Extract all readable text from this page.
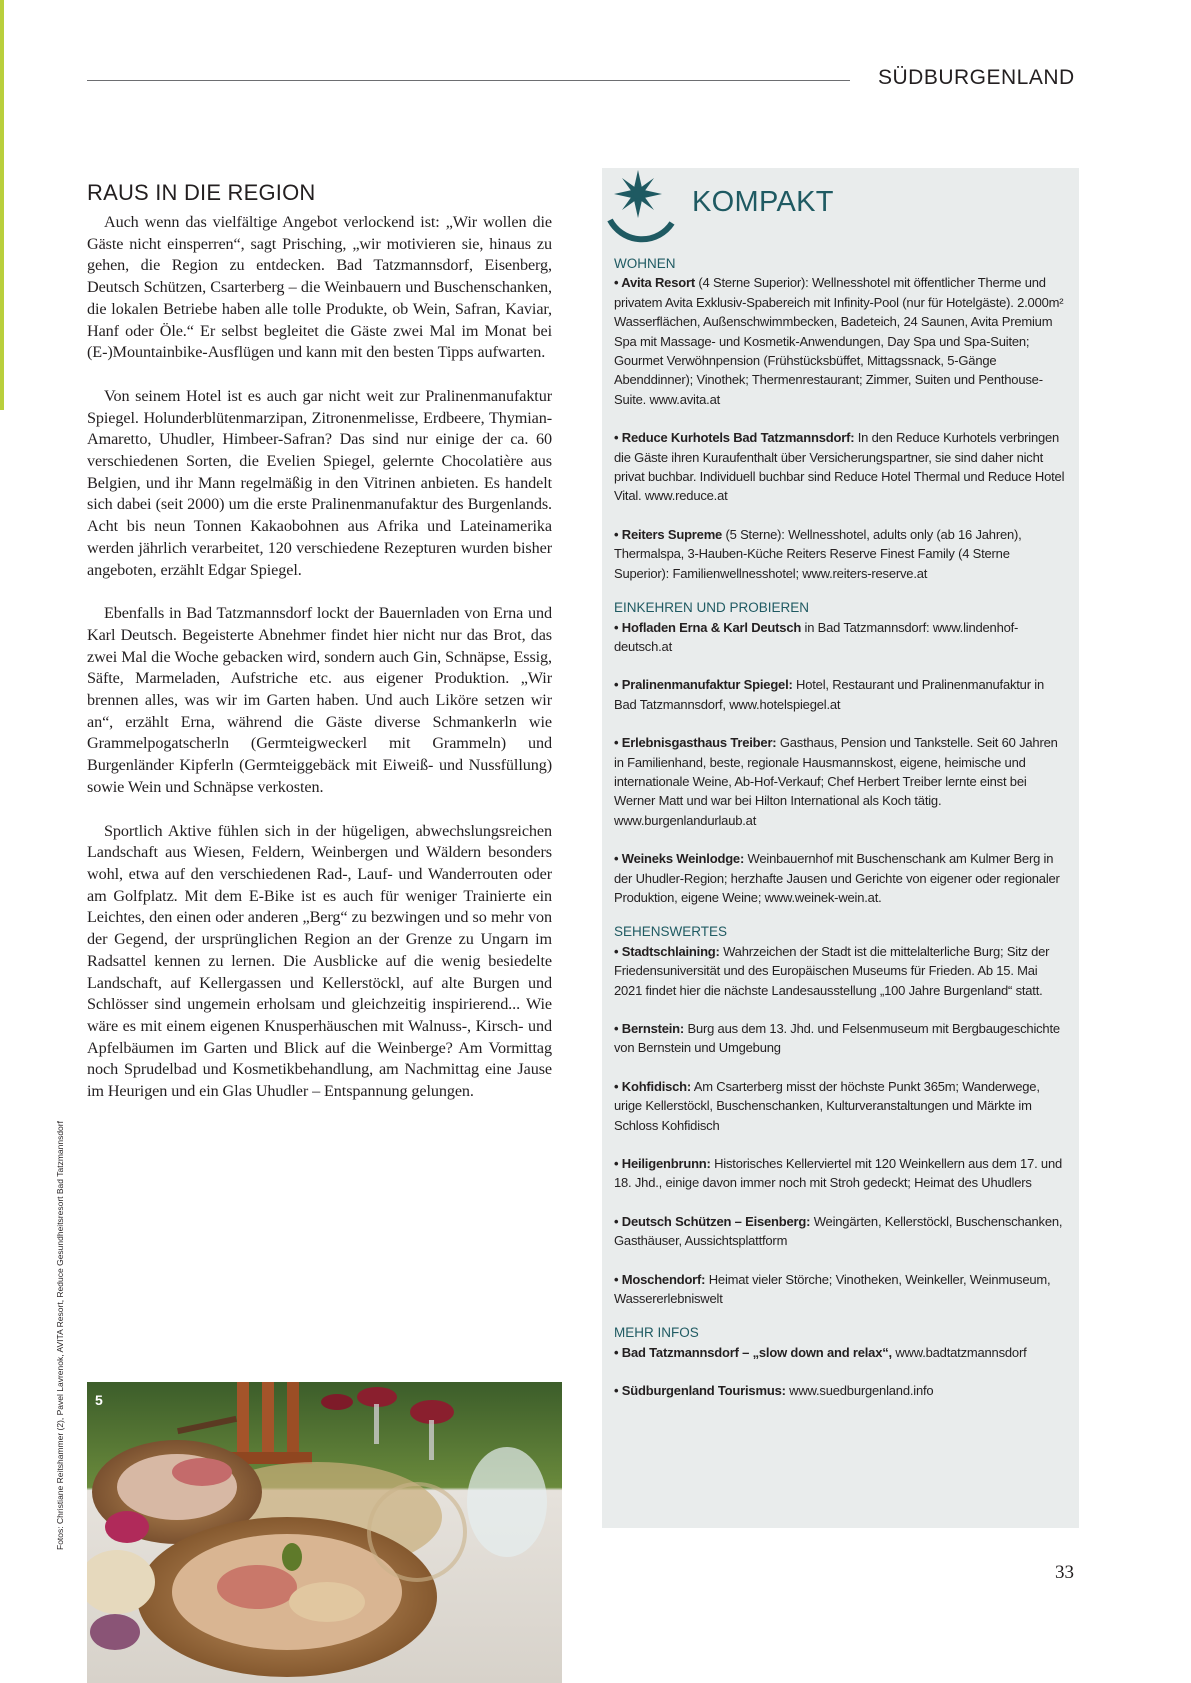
SÜDBURGENLAND
RAUS IN DIE REGION

Auch wenn das vielfältige Angebot verlockend ist: „Wir wollen die Gäste nicht einsperren“, sagt Prisching, „wir motivieren sie, hinaus zu gehen, die Region zu entdecken. Bad Tatzmannsdorf, Eisenberg, Deutsch Schützen, Csarterberg – die Weinbauern und Buschenschanken, die lokalen Betriebe haben alle tolle Produkte, ob Wein, Safran, Kaviar, Hanf oder Öle.“ Er selbst begleitet die Gäste zwei Mal im Monat bei (E-)Mountainbike-Ausflügen und kann mit den besten Tipps aufwarten.

Von seinem Hotel ist es auch gar nicht weit zur Pralinenmanufaktur Spiegel. Holunderblütenmarzipan, Zitronenmelisse, Erdbeere, Thymian-Amaretto, Uhudler, Himbeer-Safran? Das sind nur einige der ca. 60 verschiedenen Sorten, die Evelien Spiegel, gelernte Chocolatière aus Belgien, und ihr Mann regelmäßig in den Vitrinen anbieten. Es handelt sich dabei (seit 2000) um die erste Pralinenmanufaktur des Burgenlands. Acht bis neun Tonnen Kakaobohnen aus Afrika und Lateinamerika werden jährlich verarbeitet, 120 verschiedene Rezepturen wurden bisher angeboten, erzählt Edgar Spiegel.

Ebenfalls in Bad Tatzmannsdorf lockt der Bauernladen von Erna und Karl Deutsch. Begeisterte Abnehmer findet hier nicht nur das Brot, das zwei Mal die Woche gebacken wird, sondern auch Gin, Schnäpse, Essig, Säfte, Marmeladen, Aufstriche etc. aus eigener Produktion. „Wir brennen alles, was wir im Garten haben. Und auch Liköre setzen wir an“, erzählt Erna, während die Gäste diverse Schmankerln wie Grammelpogatscherln (Germteigweckerl mit Grammeln) und Burgenländer Kipferln (Germteiggebäck mit Eiweiß- und Nussfüllung) sowie Wein und Schnäpse verkosten.

Sportlich Aktive fühlen sich in der hügeligen, abwechslungsreichen Landschaft aus Wiesen, Feldern, Weinbergen und Wäldern besonders wohl, etwa auf den verschiedenen Rad-, Lauf- und Wanderrouten oder am Golfplatz. Mit dem E-Bike ist es auch für weniger Trainierte ein Leichtes, den einen oder anderen „Berg“ zu bezwingen und so mehr von der Gegend, der ursprünglichen Region an der Grenze zu Ungarn im Radsattel kennen zu lernen. Die Ausblicke auf die wenig besiedelte Landschaft, auf Kellergassen und Kellerstöckl, auf alte Burgen und Schlösser sind ungemein erholsam und gleichzeitig inspirierend... Wie wäre es mit einem eigenen Knusperhäuschen mit Walnuss-, Kirsch- und Apfelbäumen im Garten und Blick auf die Weinberge? Am Vormittag noch Sprudelbad und Kosmetikbehandlung, am Nachmittag eine Jause im Heurigen und ein Glas Uhudler – Entspannung gelungen.

Fotos: Christiane Reitshammer (2), Pavel Lavrenok, AVITA Resort, Reduce Gesundheitsresort Bad Tatzmannsdorf 5
KOMPAKT
WOHNEN
• Avita Resort (4 Sterne Superior): Wellnesshotel mit öffentlicher Therme und privatem Avita Exklusiv-Spabereich mit Infinity-Pool (nur für Hotelgäste). 2.000m² Wasserflächen, Außenschwimmbecken, Badeteich, 24 Saunen, Avita Premium Spa mit Massage- und Kosmetik-Anwendungen, Day Spa und Spa-Suiten; Gourmet Verwöhnpension (Frühstücksbüffet, Mittagssnack, 5-Gänge Abenddinner); Vinothek; Thermenrestaurant; Zimmer, Suiten und Penthouse-Suite. www.avita.at
• Reduce Kurhotels Bad Tatzmannsdorf: In den Reduce Kurhotels verbringen die Gäste ihren Kuraufenthalt über Versicherungspartner, sie sind daher nicht privat buchbar. Individuell buchbar sind Reduce Hotel Thermal und Reduce Hotel Vital. www.reduce.at
• Reiters Supreme (5 Sterne): Wellnesshotel, adults only (ab 16 Jahren), Thermalspa, 3-Hauben-Küche Reiters Reserve Finest Family (4 Sterne Superior): Familienwellnesshotel; www.reiters-reserve.at
EINKEHREN UND PROBIEREN
• Hofladen Erna & Karl Deutsch in Bad Tatzmannsdorf: www.lindenhof-deutsch.at
• Pralinenmanufaktur Spiegel: Hotel, Restaurant und Pralinenmanufaktur in Bad Tatzmannsdorf, www.hotelspiegel.at
• Erlebnisgasthaus Treiber: Gasthaus, Pension und Tankstelle. Seit 60 Jahren in Familienhand, beste, regionale Hausmannskost, eigene, heimische und internationale Weine, Ab-Hof-Verkauf; Chef Herbert Treiber lernte einst bei Werner Matt und war bei Hilton International als Koch tätig. www.burgenlandurlaub.at
• Weineks Weinlodge: Weinbauernhof mit Buschenschank am Kulmer Berg in der Uhudler-Region; herzhafte Jausen und Gerichte von eigener oder regionaler Produktion, eigene Weine; www.weinek-wein.at.
SEHENSWERTES
• Stadtschlaining: Wahrzeichen der Stadt ist die mittelalterliche Burg; Sitz der Friedensuniversität und des Europäischen Museums für Frieden. Ab 15. Mai 2021 findet hier die nächste Landesausstellung „100 Jahre Burgenland“ statt.
• Bernstein: Burg aus dem 13. Jhd. und Felsenmuseum mit Bergbaugeschichte von Bernstein und Umgebung
• Kohfidisch: Am Csarterberg misst der höchste Punkt 365m; Wanderwege, urige Kellerstöckl, Buschenschanken, Kulturveranstaltungen und Märkte im Schloss Kohfidisch
• Heiligenbrunn: Historisches Kellerviertel mit 120 Weinkellern aus dem 17. und 18. Jhd., einige davon immer noch mit Stroh gedeckt; Heimat des Uhudlers
• Deutsch Schützen – Eisenberg: Weingärten, Kellerstöckl, Buschenschanken, Gasthäuser, Aussichtsplattform
• Moschendorf: Heimat vieler Störche; Vinotheken, Weinkeller, Weinmuseum, Wassererlebniswelt
MEHR INFOS
• Bad Tatzmannsdorf – „slow down and relax“, www.badtatzmannsdorf
• Südburgenland Tourismus: www.suedburgenland.info
33
